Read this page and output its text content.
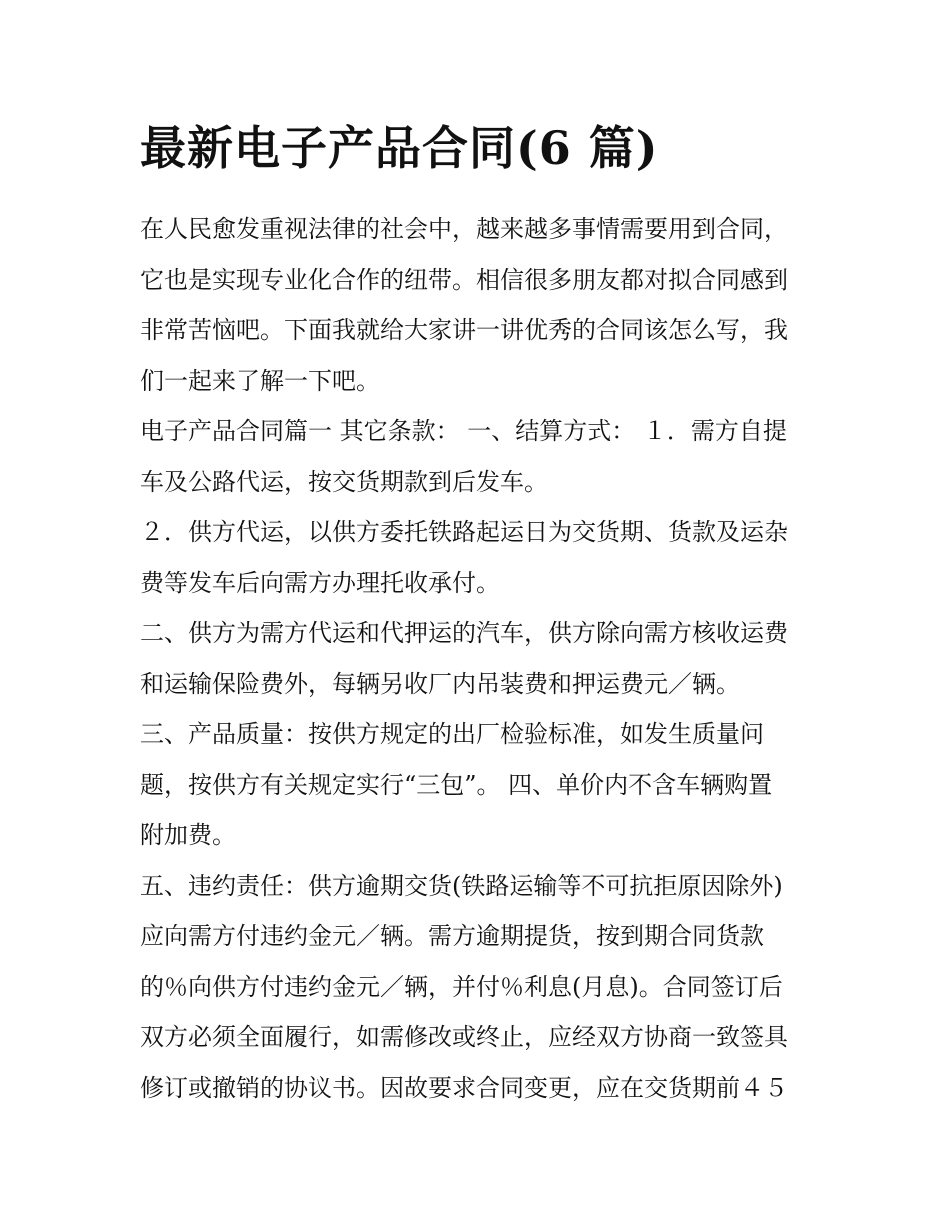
最新电子产品合同(6 篇)

在人民愈发重视法律的社会中，越来越多事情需要用到合同，
它也是实现专业化合作的纽带。相信很多朋友都对拟合同感到
非常苦恼吧。下面我就给大家讲一讲优秀的合同该怎么写，我
们一起来了解一下吧。

电子产品合同篇一 其它条款： 一、结算方式： １．需方自提
车及公路代运，按交货期款到后发车。

２．供方代运，以供方委托铁路起运日为交货期、货款及运杂
费等发车后向需方办理托收承付。

二、供方为需方代运和代押运的汽车，供方除向需方核收运费
和运输保险费外，每辆另收厂内吊装费和押运费元／辆。

三、产品质量：按供方规定的出厂检验标准，如发生质量问
题，按供方有关规定实行“三包”。 四、单价内不含车辆购置
附加费。

五、违约责任：供方逾期交货(铁路运输等不可抗拒原因除外)
应向需方付违约金元／辆。需方逾期提货，按到期合同货款
的％向供方付违约金元／辆，并付％利息(月息)。合同签订后
双方必须全面履行，如需修改或终止，应经双方协商一致签具
修订或撤销的协议书。因故要求合同变更，应在交货期前４５
